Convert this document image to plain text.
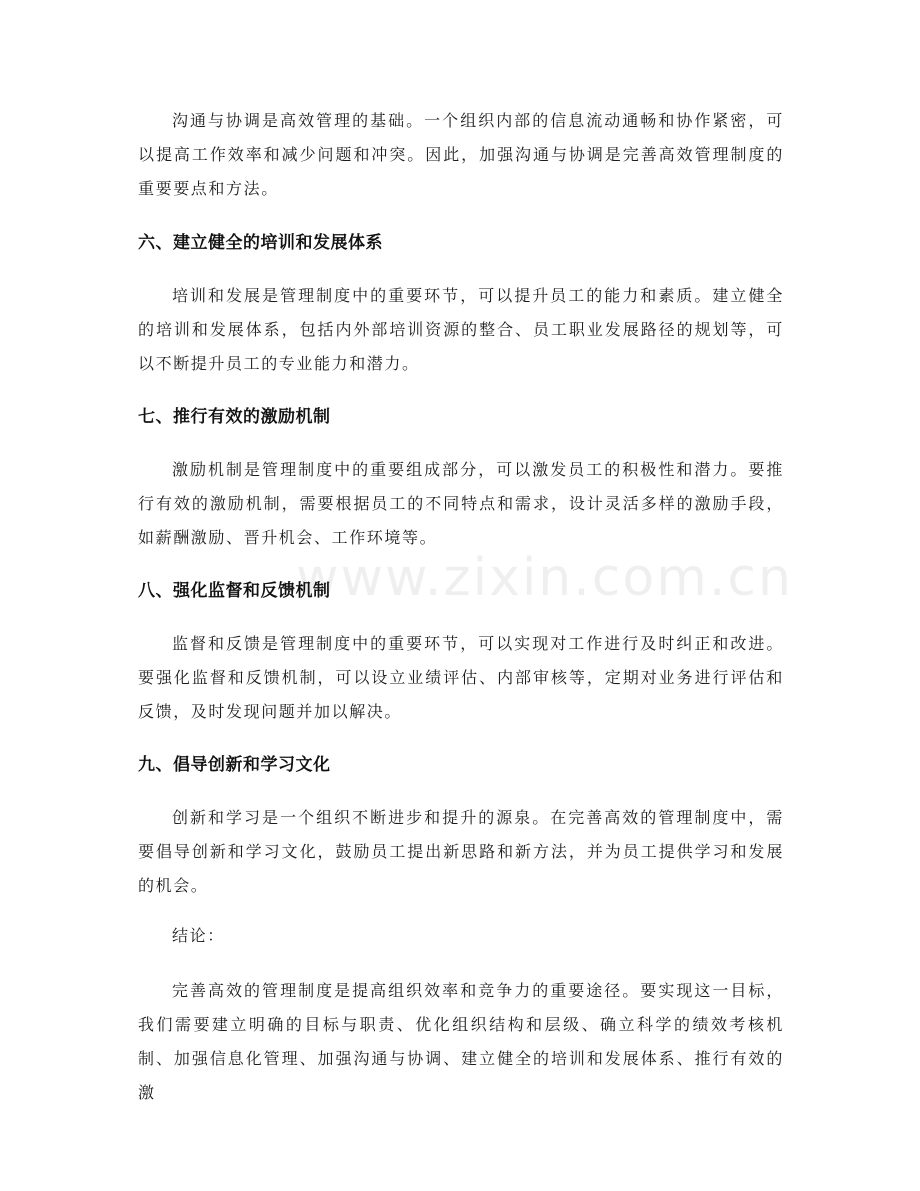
www.zixin.com.cn

沟通与协调是高效管理的基础。一个组织内部的信息流动通畅和协作紧密，可以提高工作效率和减少问题和冲突。因此，加强沟通与协调是完善高效管理制度的重要要点和方法。

六、建立健全的培训和发展体系

培训和发展是管理制度中的重要环节，可以提升员工的能力和素质。建立健全的培训和发展体系，包括内外部培训资源的整合、员工职业发展路径的规划等，可以不断提升员工的专业能力和潜力。

七、推行有效的激励机制

激励机制是管理制度中的重要组成部分，可以激发员工的积极性和潜力。要推行有效的激励机制，需要根据员工的不同特点和需求，设计灵活多样的激励手段，如薪酬激励、晋升机会、工作环境等。

八、强化监督和反馈机制

监督和反馈是管理制度中的重要环节，可以实现对工作进行及时纠正和改进。要强化监督和反馈机制，可以设立业绩评估、内部审核等，定期对业务进行评估和反馈，及时发现问题并加以解决。

九、倡导创新和学习文化

创新和学习是一个组织不断进步和提升的源泉。在完善高效的管理制度中，需要倡导创新和学习文化，鼓励员工提出新思路和新方法，并为员工提供学习和发展的机会。

结论：

完善高效的管理制度是提高组织效率和竞争力的重要途径。要实现这一目标，我们需要建立明确的目标与职责、优化组织结构和层级、确立科学的绩效考核机制、加强信息化管理、加强沟通与协调、建立健全的培训和发展体系、推行有效的激
